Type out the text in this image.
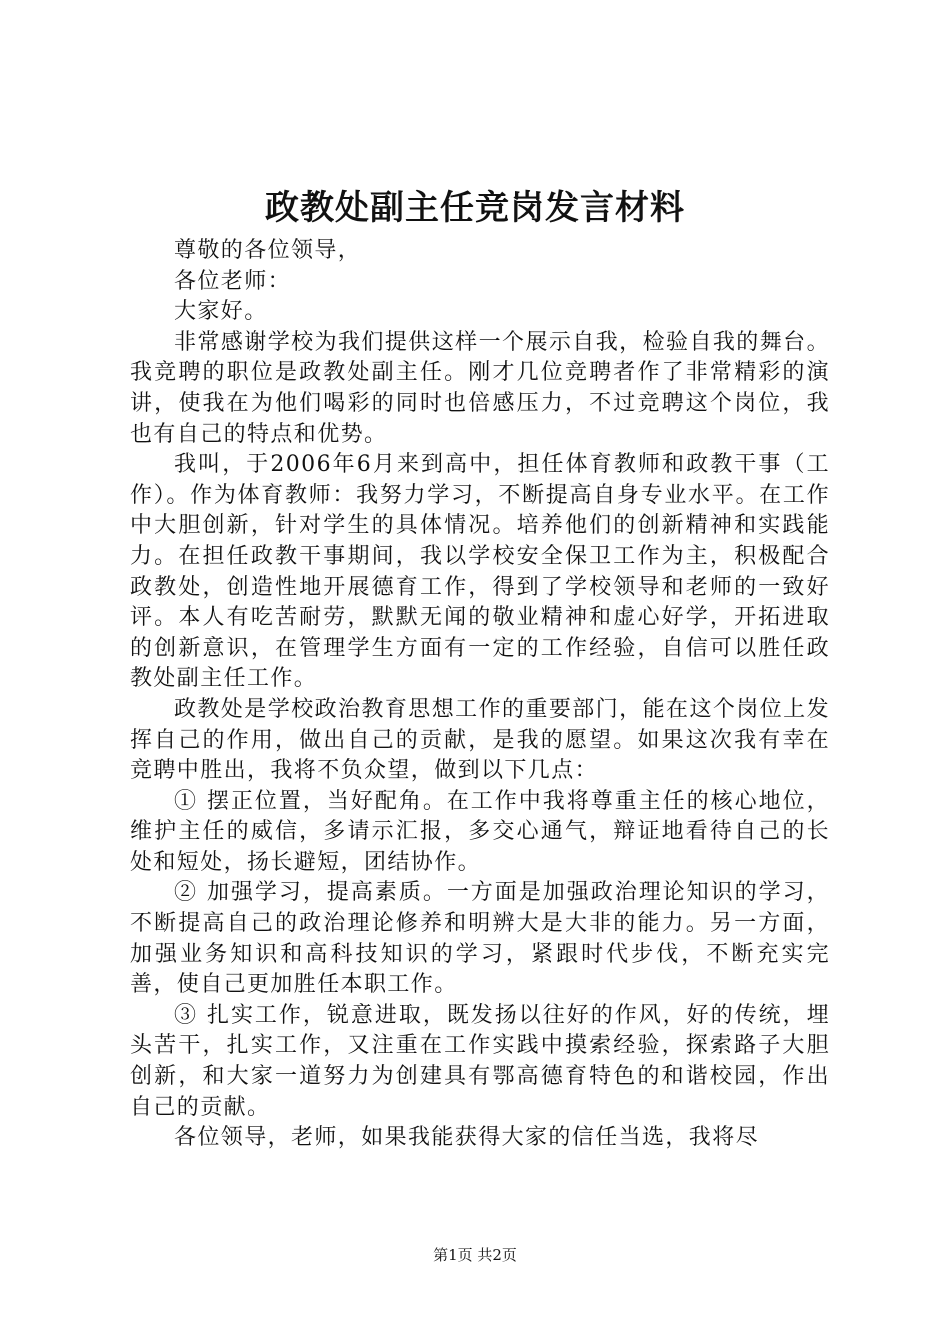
政教处副主任竞岗发言材料

尊敬的各位领导，

各位老师：

大家好。

非常感谢学校为我们提供这样一个展示自我，检验自我的舞台。我竞聘的职位是政教处副主任。刚才几位竞聘者作了非常精彩的演讲，使我在为他们喝彩的同时也倍感压力，不过竞聘这个岗位，我也有自己的特点和优势。

我叫，于2006年6月来到高中，担任体育教师和政教干事（工作）。作为体育教师：我努力学习，不断提高自身专业水平。在工作中大胆创新，针对学生的具体情况。培养他们的创新精神和实践能力。在担任政教干事期间，我以学校安全保卫工作为主，积极配合政教处，创造性地开展德育工作，得到了学校领导和老师的一致好评。本人有吃苦耐劳，默默无闻的敬业精神和虚心好学，开拓进取的创新意识，在管理学生方面有一定的工作经验，自信可以胜任政教处副主任工作。

政教处是学校政治教育思想工作的重要部门，能在这个岗位上发挥自己的作用，做出自己的贡献，是我的愿望。如果这次我有幸在竞聘中胜出，我将不负众望，做到以下几点：

① 摆正位置，当好配角。在工作中我将尊重主任的核心地位，维护主任的威信，多请示汇报，多交心通气，辩证地看待自己的长处和短处，扬长避短，团结协作。

② 加强学习，提高素质。一方面是加强政治理论知识的学习，不断提高自己的政治理论修养和明辨大是大非的能力。另一方面，加强业务知识和高科技知识的学习，紧跟时代步伐，不断充实完善，使自己更加胜任本职工作。

③ 扎实工作，锐意进取，既发扬以往好的作风，好的传统，埋头苦干，扎实工作，又注重在工作实践中摸索经验，探索路子大胆创新，和大家一道努力为创建具有鄂高德育特色的和谐校园，作出自己的贡献。

各位领导，老师，如果我能获得大家的信任当选，我将尽

第1页 共2页
